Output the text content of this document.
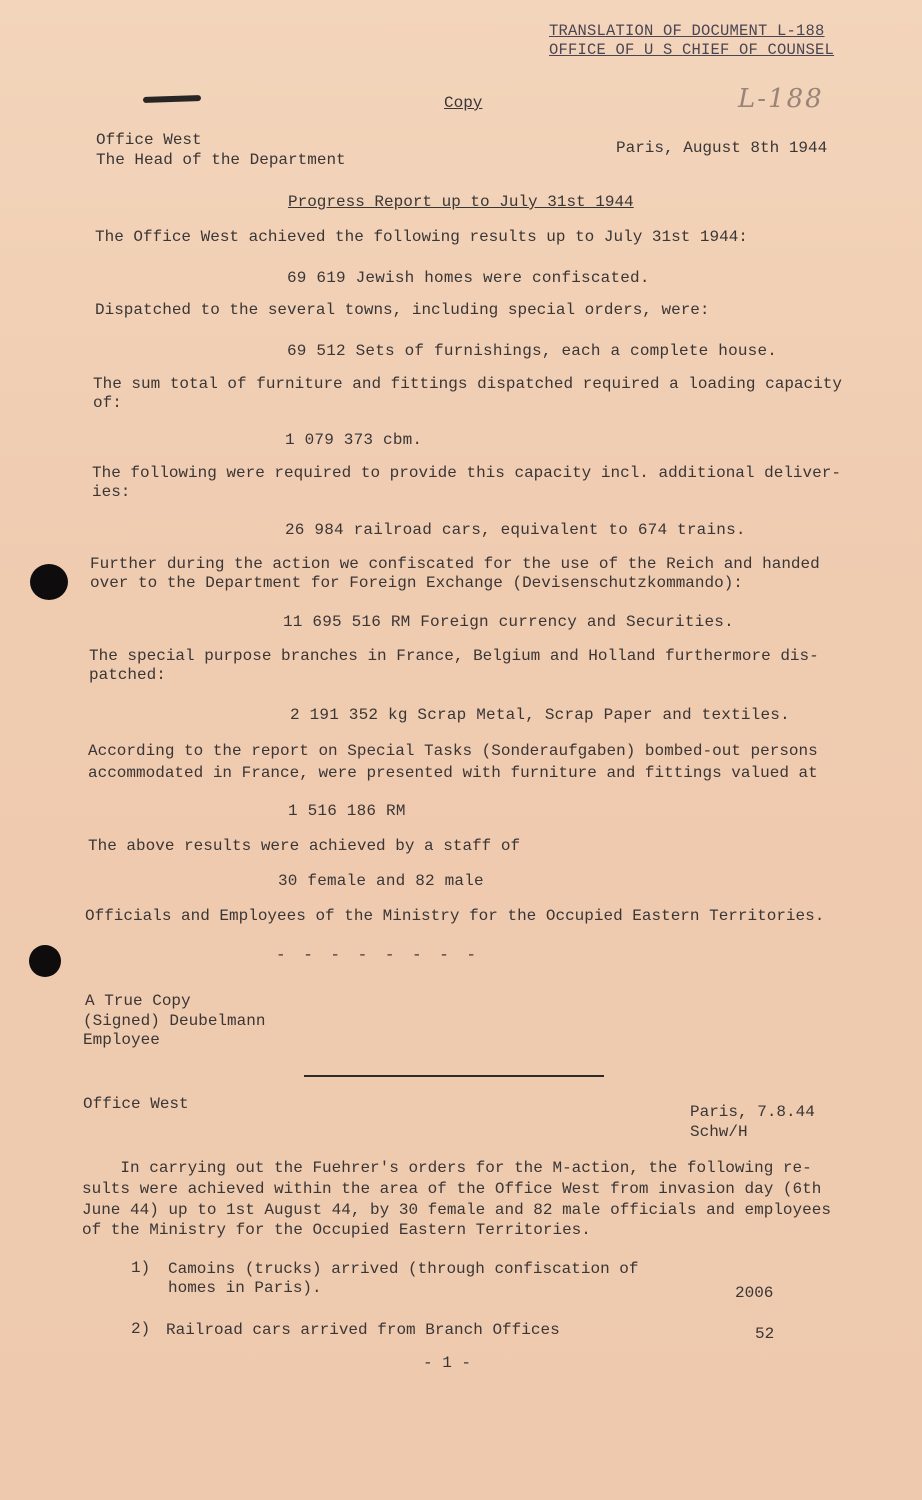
TRANSLATION OF DOCUMENT L-188
OFFICE OF U S CHIEF OF COUNSEL
Copy	L-188
Office West
The Head of the Department
Paris, August 8th 1944
Progress Report up to July 31st 1944
The Office West achieved the following results up to July 31st 1944:
69 619 Jewish homes were confiscated.
Dispatched to the several towns, including special orders, were:
69 512 Sets of furnishings, each a complete house.
The sum total of furniture and fittings dispatched required a loading capacity
of:
1 079 373 cbm.
The following were required to provide this capacity incl. additional deliver-
ies:
26 984 railroad cars, equivalent to 674 trains.
Further during the action we confiscated for the use of the Reich and handed
over to the Department for Foreign Exchange (Devisenschutzkommando):
11 695 516 RM Foreign currency and Securities.
The special purpose branches in France, Belgium and Holland furthermore dis-
patched:
2 191 352 kg Scrap Metal, Scrap Paper and textiles.
According to the report on Special Tasks (Sonderaufgaben) bombed-out persons
accommodated in France, were presented with furniture and fittings valued at
1 516 186 RM
The above results were achieved by a staff of
30 female and 82 male
Officials and Employees of the Ministry for the Occupied Eastern Territories.
- - - - - - - -
A True Copy
(Signed) Deubelmann
Employee
Office West	Paris, 7.8.44
Schw/H
In carrying out the Fuehrer's orders for the M-action, the following re-
sults were achieved within the area of the Office West from invasion day (6th
June 44) up to 1st August 44, by 30 female and 82 male officials and employees
of the Ministry for the Occupied Eastern Territories.
1) Camoins (trucks) arrived (through confiscation of
homes in Paris).	2006
2) Railroad cars arrived from Branch Offices	52
- 1 -
